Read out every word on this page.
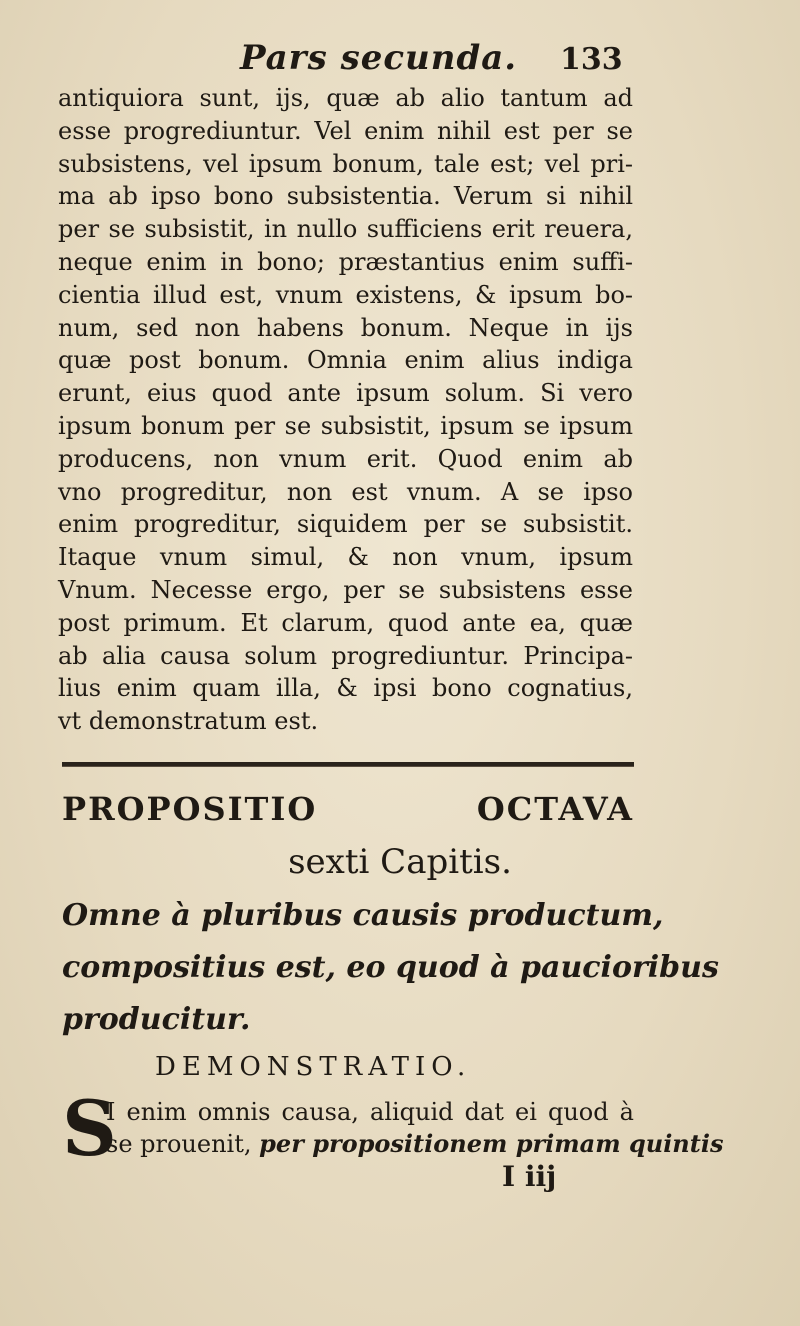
Pars secunda. 133
antiquiora sunt, ijs, quæ ab alio tantum ad
esse progrediuntur. Vel enim nihil est per se
subsistens, vel ipsum bonum, tale est; vel pri-
ma ab ipso bono subsistentia. Verum si nihil
per se subsistit, in nullo sufficiens erit reuera,
neque enim in bono; præstantius enim suffi-
cientia illud est, vnum existens, & ipsum bo-
num, sed non habens bonum. Neque in ijs
quæ post bonum. Omnia enim alius indiga
erunt, eius quod ante ipsum solum. Si vero
ipsum bonum per se subsistit, ipsum se ipsum
producens, non vnum erit. Quod enim ab
vno progreditur, non est vnum. A se ipso
enim progreditur, siquidem per se subsistit.
Itaque vnum simul, & non vnum, ipsum
Vnum. Necesse ergo, per se subsistens esse
post primum. Et clarum, quod ante ea, quæ
ab alia causa solum progrediuntur. Principa-
lius enim quam illa, & ipsi bono cognatius,
vt demonstratum est.
PROPOSITIO OCTAVA
sexti Capitis.
Omne à pluribus causis productum,
compositius est, eo quod à paucioribus
producitur.
DEMONSTRATIO.
S
I enim omnis causa, aliquid dat ei quod à
se prouenit, per propositionem primam quintis
I iij
